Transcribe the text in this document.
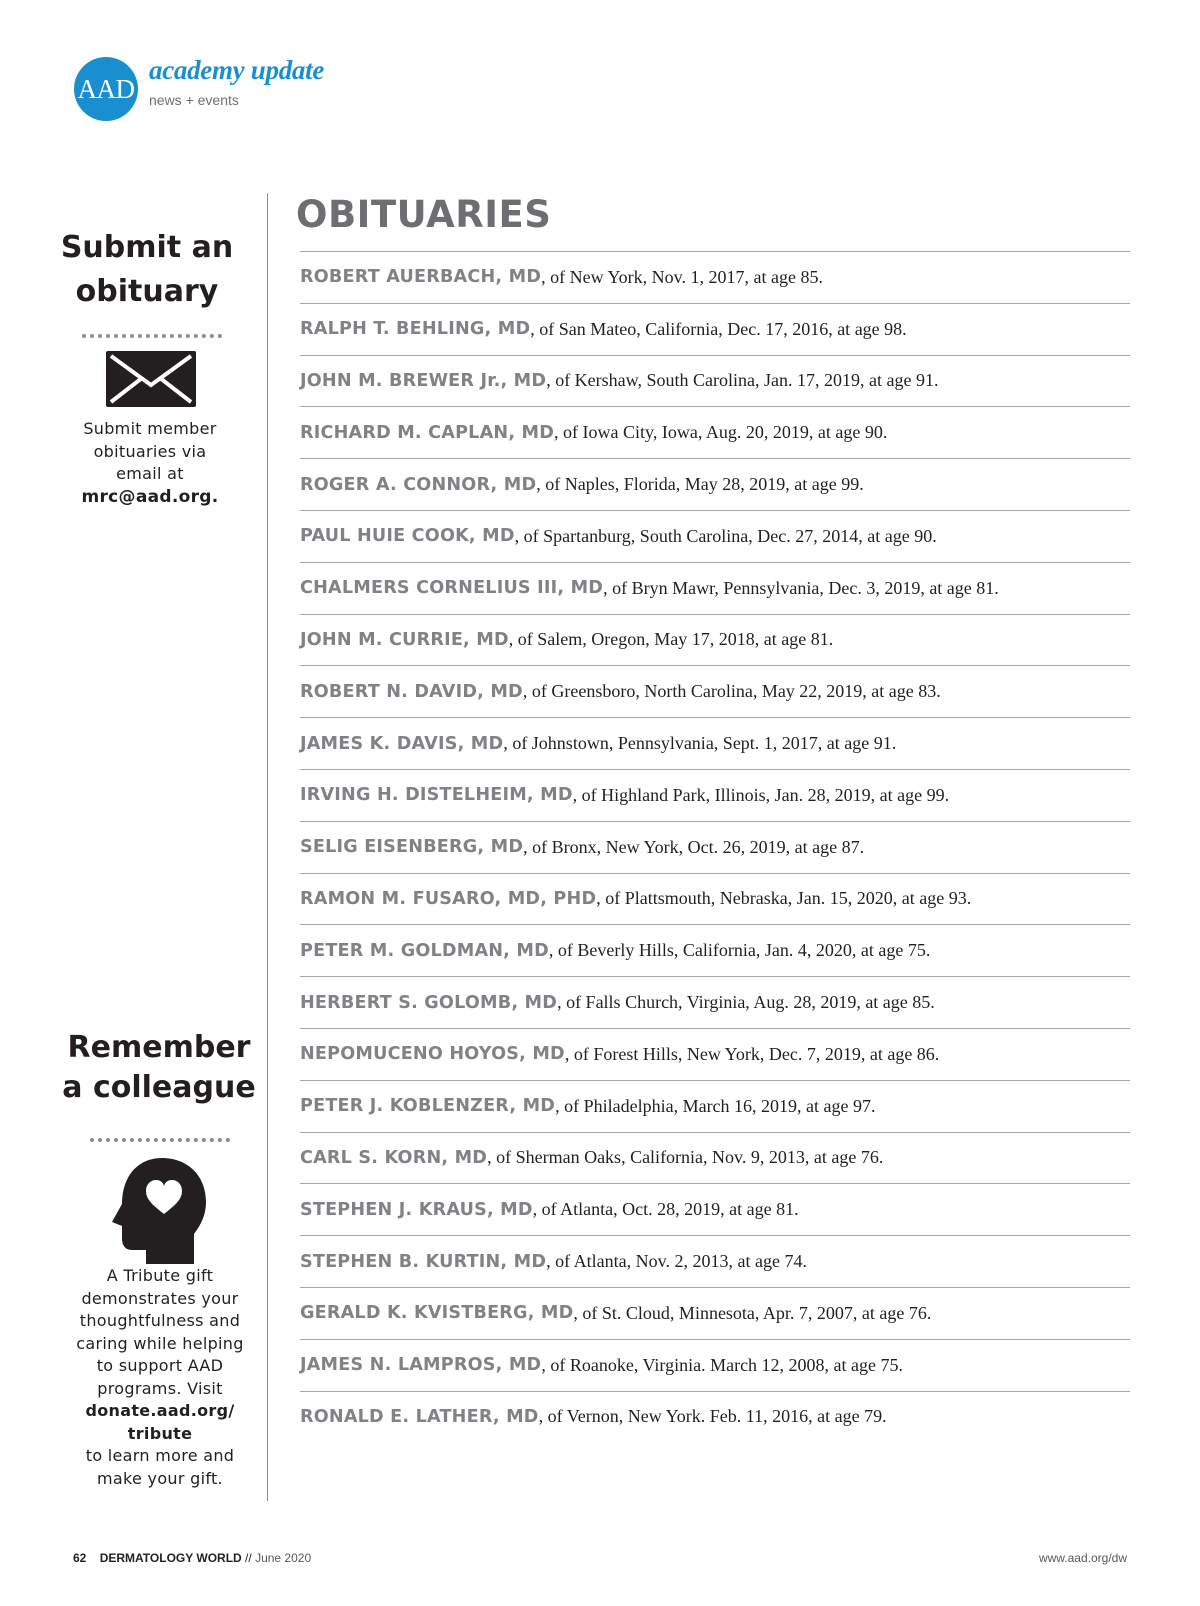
AAD
academy update
news + events
Submit an
obituary
Submit member
obituaries via
email at
mrc@aad.org.
Remember
a colleague
A Tribute gift
demonstrates your
thoughtfulness and
caring while helping
to support AAD
programs. Visit
donate.aad.org/
tribute
to learn more and
make your gift.
OBITUARIES
ROBERT AUERBACH, MD , of New York, Nov. 1, 2017, at age 85.
RALPH T. BEHLING, MD , of San Mateo, California, Dec. 17, 2016, at age 98.
JOHN M. BREWER Jr., MD , of Kershaw, South Carolina, Jan. 17, 2019, at age 91.
RICHARD M. CAPLAN, MD , of Iowa City, Iowa, Aug. 20, 2019, at age 90.
ROGER A. CONNOR, MD , of Naples, Florida, May 28, 2019, at age 99.
PAUL HUIE COOK, MD , of Spartanburg, South Carolina, Dec. 27, 2014, at age 90.
CHALMERS CORNELIUS III, MD , of Bryn Mawr, Pennsylvania, Dec. 3, 2019, at age 81.
JOHN M. CURRIE, MD , of Salem, Oregon, May 17, 2018, at age 81.
ROBERT N. DAVID, MD , of Greensboro, North Carolina, May 22, 2019, at age 83.
JAMES K. DAVIS, MD , of Johnstown, Pennsylvania, Sept. 1, 2017, at age 91.
IRVING H. DISTELHEIM, MD , of Highland Park, Illinois, Jan. 28, 2019, at age 99.
SELIG EISENBERG, MD , of Bronx, New York, Oct. 26, 2019, at age 87.
RAMON M. FUSARO, MD, PHD , of Plattsmouth, Nebraska, Jan. 15, 2020, at age 93.
PETER M. GOLDMAN, MD , of Beverly Hills, California, Jan. 4, 2020, at age 75.
HERBERT S. GOLOMB, MD , of Falls Church, Virginia, Aug. 28, 2019, at age 85.
NEPOMUCENO HOYOS, MD , of Forest Hills, New York, Dec. 7, 2019, at age 86.
PETER J. KOBLENZER, MD , of Philadelphia, March 16, 2019, at age 97.
CARL S. KORN, MD , of Sherman Oaks, California, Nov. 9, 2013, at age 76.
STEPHEN J. KRAUS, MD , of Atlanta, Oct. 28, 2019, at age 81.
STEPHEN B. KURTIN, MD , of Atlanta, Nov. 2, 2013, at age 74.
GERALD K. KVISTBERG, MD , of St. Cloud, Minnesota, Apr. 7, 2007, at age 76.
JAMES N. LAMPROS, MD , of Roanoke, Virginia. March 12, 2008, at age 75.
RONALD E. LATHER, MD , of Vernon, New York. Feb. 11, 2016, at age 79.
62 DERMATOLOGY WORLD // June 2020	www.aad.org/dw
